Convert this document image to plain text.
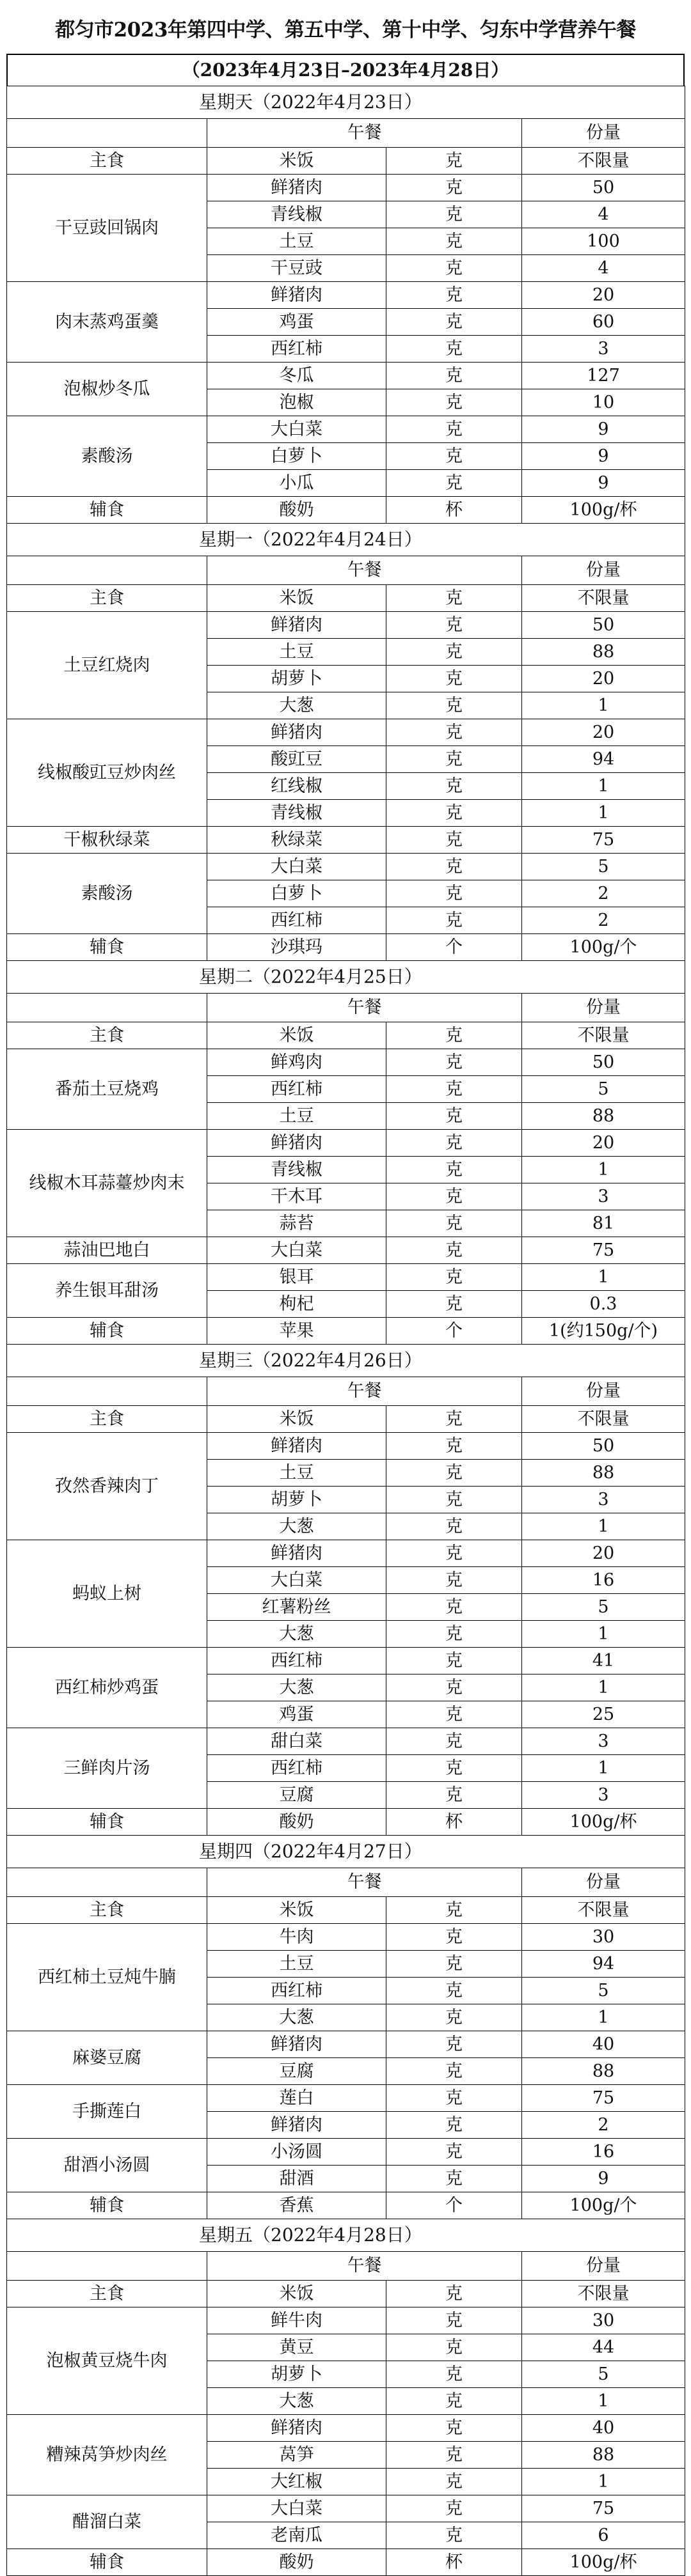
都匀市2023年第四中学、第五中学、第十中学、匀东中学营养午餐
（2023年4月23日–2023年4月28日）
星期天（2022年4月23日）			
	午餐		份量
主食	米饭	克	不限量
干豆豉回锅肉	鲜猪肉	克	50
	青线椒	克	4
	土豆	克	100
	干豆豉	克	4
肉末蒸鸡蛋羹	鲜猪肉	克	20
	鸡蛋	克	60
	西红柿	克	3
泡椒炒冬瓜	冬瓜	克	127
	泡椒	克	10
素酸汤	大白菜	克	9
	白萝卜	克	9
	小瓜	克	9
辅食	酸奶	杯	100g/杯
星期一（2022年4月24日）			
	午餐		份量
主食	米饭	克	不限量
土豆红烧肉	鲜猪肉	克	50
	土豆	克	88
	胡萝卜	克	20
	大葱	克	1
线椒酸豇豆炒肉丝	鲜猪肉	克	20
	酸豇豆	克	94
	红线椒	克	1
	青线椒	克	1
干椒秋绿菜	秋绿菜	克	75
素酸汤	大白菜	克	5
	白萝卜	克	2
	西红柿	克	2
辅食	沙琪玛	个	100g/个
星期二（2022年4月25日）			
	午餐		份量
主食	米饭	克	不限量
番茄土豆烧鸡	鲜鸡肉	克	50
	西红柿	克	5
	土豆	克	88
线椒木耳蒜薹炒肉末	鲜猪肉	克	20
	青线椒	克	1
	干木耳	克	3
	蒜苔	克	81
蒜油巴地白	大白菜	克	75
养生银耳甜汤	银耳	克	1
	枸杞	克	0.3
辅食	苹果	个	1(约150g/个)
星期三（2022年4月26日）			
	午餐		份量
主食	米饭	克	不限量
孜然香辣肉丁	鲜猪肉	克	50
	土豆	克	88
	胡萝卜	克	3
	大葱	克	1
蚂蚁上树	鲜猪肉	克	20
	大白菜	克	16
	红薯粉丝	克	5
	大葱	克	1
西红柿炒鸡蛋	西红柿	克	41
	大葱	克	1
	鸡蛋	克	25
三鲜肉片汤	甜白菜	克	3
	西红柿	克	1
	豆腐	克	3
辅食	酸奶	杯	100g/杯
星期四（2022年4月27日）			
	午餐		份量
主食	米饭	克	不限量
西红柿土豆炖牛腩	牛肉	克	30
	土豆	克	94
	西红柿	克	5
	大葱	克	1
麻婆豆腐	鲜猪肉	克	40
	豆腐	克	88
手撕莲白	莲白	克	75
	鲜猪肉	克	2
甜酒小汤圆	小汤圆	克	16
	甜酒	克	9
辅食	香蕉	个	100g/个
星期五（2022年4月28日）			
	午餐		份量
主食	米饭	克	不限量
泡椒黄豆烧牛肉	鲜牛肉	克	30
	黄豆	克	44
	胡萝卜	克	5
	大葱	克	1
糟辣莴笋炒肉丝	鲜猪肉	克	40
	莴笋	克	88
	大红椒	克	1
醋溜白菜	大白菜	克	75
	老南瓜	克	6
辅食	酸奶	杯	100g/杯
